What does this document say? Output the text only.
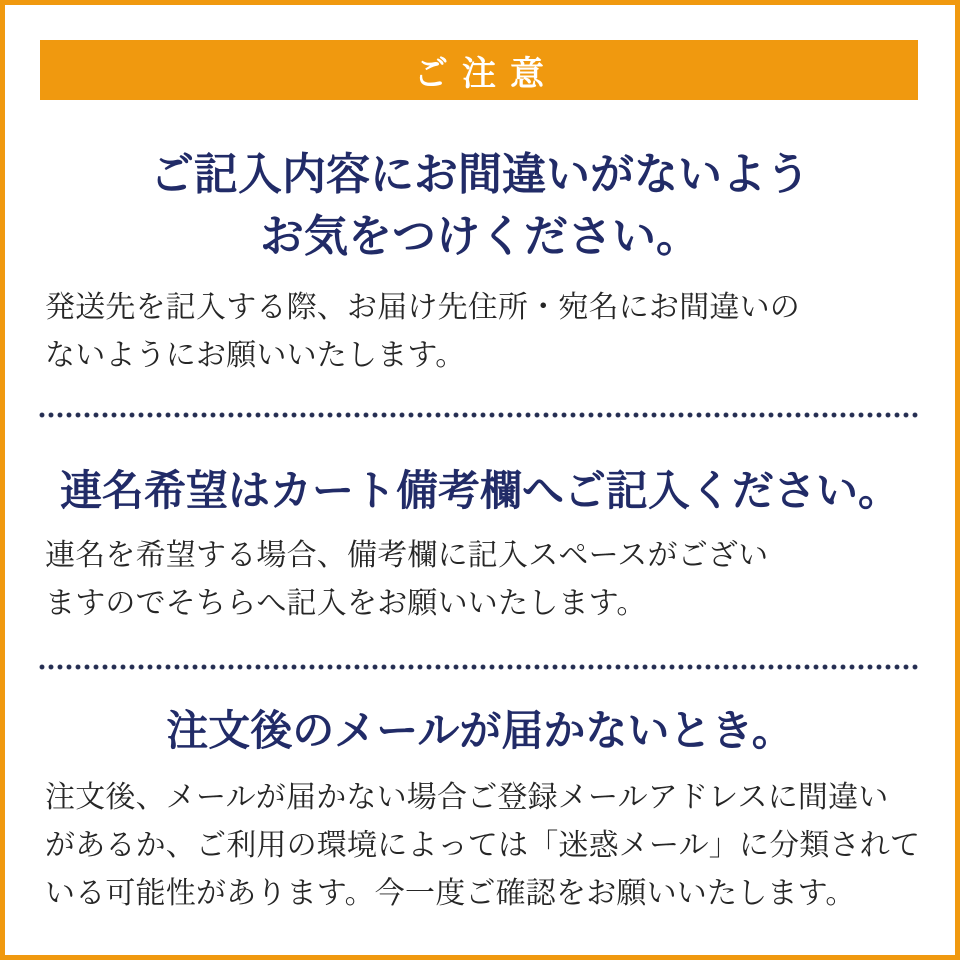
ご注意
ご記入内容にお間違いがないよう
お気をつけください。
発送先を記入する際、お届け先住所・宛名にお間違いの
ないようにお願いいたします。
連名希望はカート備考欄へご記入ください。
連名を希望する場合、備考欄に記入スペースがござい
ますのでそちらへ記入をお願いいたします。
注文後のメールが届かないとき。
注文後、メールが届かない場合ご登録メールアドレスに間違い
があるか、ご利用の環境によっては「迷惑メール」に分類されて
いる可能性があります。今一度ご確認をお願いいたします。
